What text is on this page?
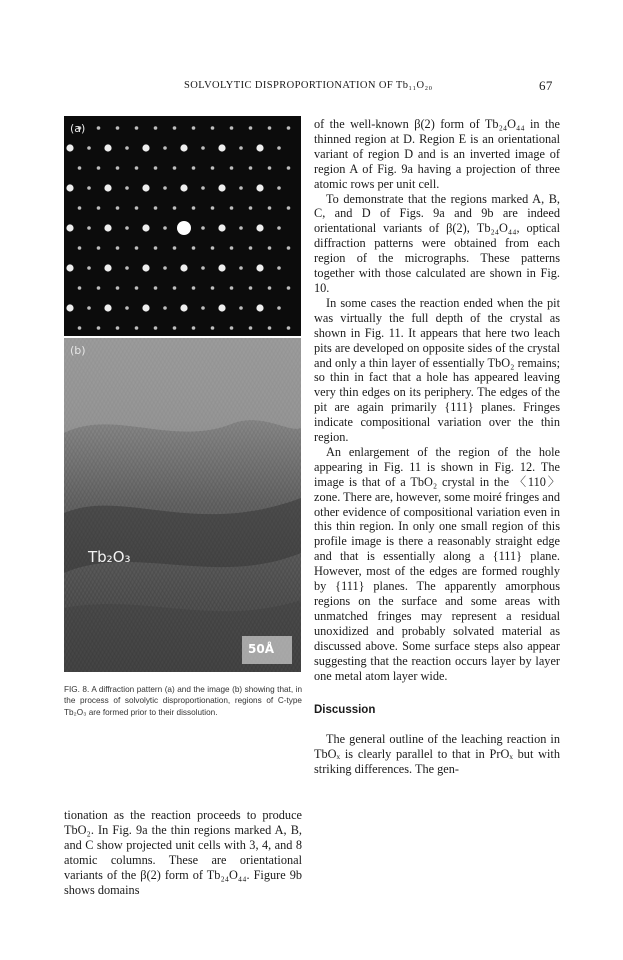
SOLVOLYTIC DISPROPORTIONATION OF Tb₁₁O₂₀	67
(a)
(b)
Tb₂O₃
50Å
FIG. 8. A diffraction pattern (a) and the image (b) showing that, in the process of solvolytic disproportionation, regions of C-type Tb₂O₃ are formed prior to their dissolution.

tionation as the reaction proceeds to produce TbO₂. In Fig. 9a the thin regions marked A, B, and C show projected unit cells with 3, 4, and 8 atomic columns. These are orientational variants of the β(2) form of Tb₂₄O₄₄. Figure 9b shows domains

of the well-known β(2) form of Tb₂₄O₄₄ in the thinned region at D. Region E is an orientational variant of region D and is an inverted image of region A of Fig. 9a having a projection of three atomic rows per unit cell.

To demonstrate that the regions marked A, B, C, and D of Figs. 9a and 9b are indeed orientational variants of β(2), Tb₂₄O₄₄, optical diffraction patterns were obtained from each region of the micrographs. These patterns together with those calculated are shown in Fig. 10.

In some cases the reaction ended when the pit was virtually the full depth of the crystal as shown in Fig. 11. It appears that here two leach pits are developed on opposite sides of the crystal and only a thin layer of essentially TbO₂ remains; so thin in fact that a hole has appeared leaving very thin edges on its periphery. The edges of the pit are again primarily {111} planes. Fringes indicate compositional variation over the thin region.

An enlargement of the region of the hole appearing in Fig. 11 is shown in Fig. 12. The image is that of a TbO₂ crystal in the 〈110〉 zone. There are, however, some moiré fringes and other evidence of compositional variation even in this thin region. In only one small region of this profile image is there a reasonably straight edge and that is essentially along a {111} plane. However, most of the edges are formed roughly by {111} planes. The apparently amorphous regions on the surface and some areas with unmatched fringes may represent a residual unoxidized and probably solvated material as discussed above. Some surface steps also appear suggesting that the reaction occurs layer by layer one metal atom layer wide.

Discussion

The general outline of the leaching reaction in TbOₓ is clearly parallel to that in PrOₓ but with striking differences. The gen-
